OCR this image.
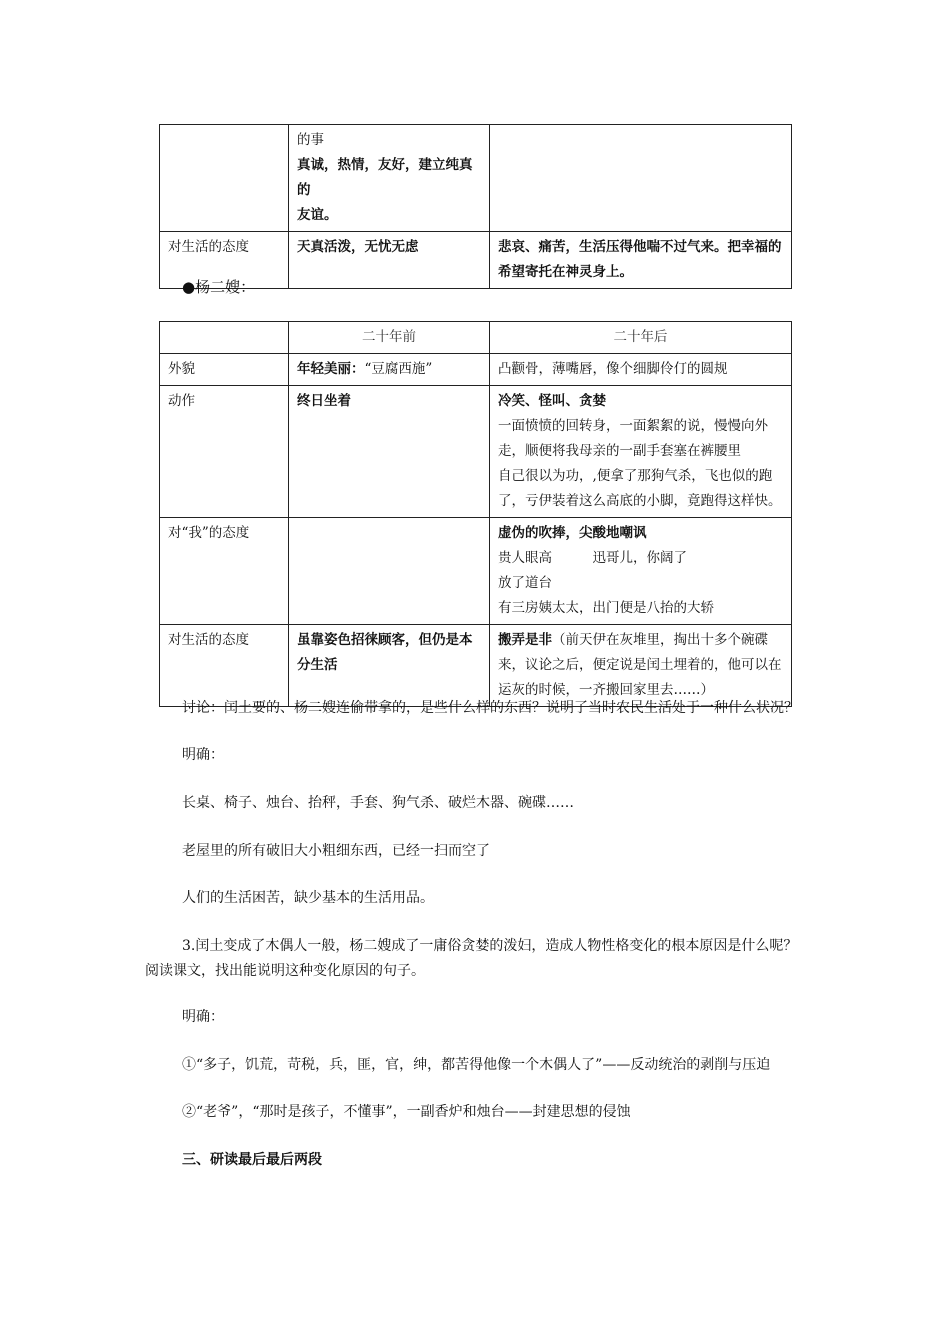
	的事
真诚，热情，友好，建立纯真的
友谊。	

对生活的态度	天真活泼，无忧无虑	悲哀、痛苦，生活压得他喘不过气来。把幸福的
希望寄托在神灵身上。
●杨二嫂：
	二十年前	二十年后
外貌	年轻美丽：“豆腐西施”	凸颧骨，薄嘴唇，像个细脚伶仃的圆规
动作	终日坐着	冷笑、怪叫、贪婪
一面愤愤的回转身，一面絮絮的说，慢慢向外
走，顺便将我母亲的一副手套塞在裤腰里
自己很以为功，,便拿了那狗气杀，飞也似的跑
了，亏伊装着这么高底的小脚，竟跑得这样快。

对“我”的态度		虚伪的吹捧，尖酸地嘲讽
贵人眼高　　　迅哥儿，你阔了
放了道台
有三房姨太太，出门便是八抬的大轿

对生活的态度	虽靠姿色招徕顾客，但仍是本
分生活	搬弄是非（前天伊在灰堆里，掏出十多个碗碟
来，议论之后，便定说是闰土埋着的，他可以在
运灰的时候，一齐搬回家里去……）
讨论：闰土要的、杨二嫂连偷带拿的，是些什么样的东西？说明了当时农民生活处于一种什么状况？
明确：
长桌、椅子、烛台、抬秤，手套、狗气杀、破烂木器、碗碟……
老屋里的所有破旧大小粗细东西，已经一扫而空了
人们的生活困苦，缺少基本的生活用品。
3.闰土变成了木偶人一般，杨二嫂成了一庸俗贪婪的泼妇，造成人物性格变化的根本原因是什么呢？
阅读课文，找出能说明这种变化原因的句子。
明确：
①“多子，饥荒，苛税，兵，匪，官，绅，都苦得他像一个木偶人了”——反动统治的剥削与压迫
②“老爷”，“那时是孩子，不懂事”，一副香炉和烛台——封建思想的侵蚀
三、研读最后最后两段
